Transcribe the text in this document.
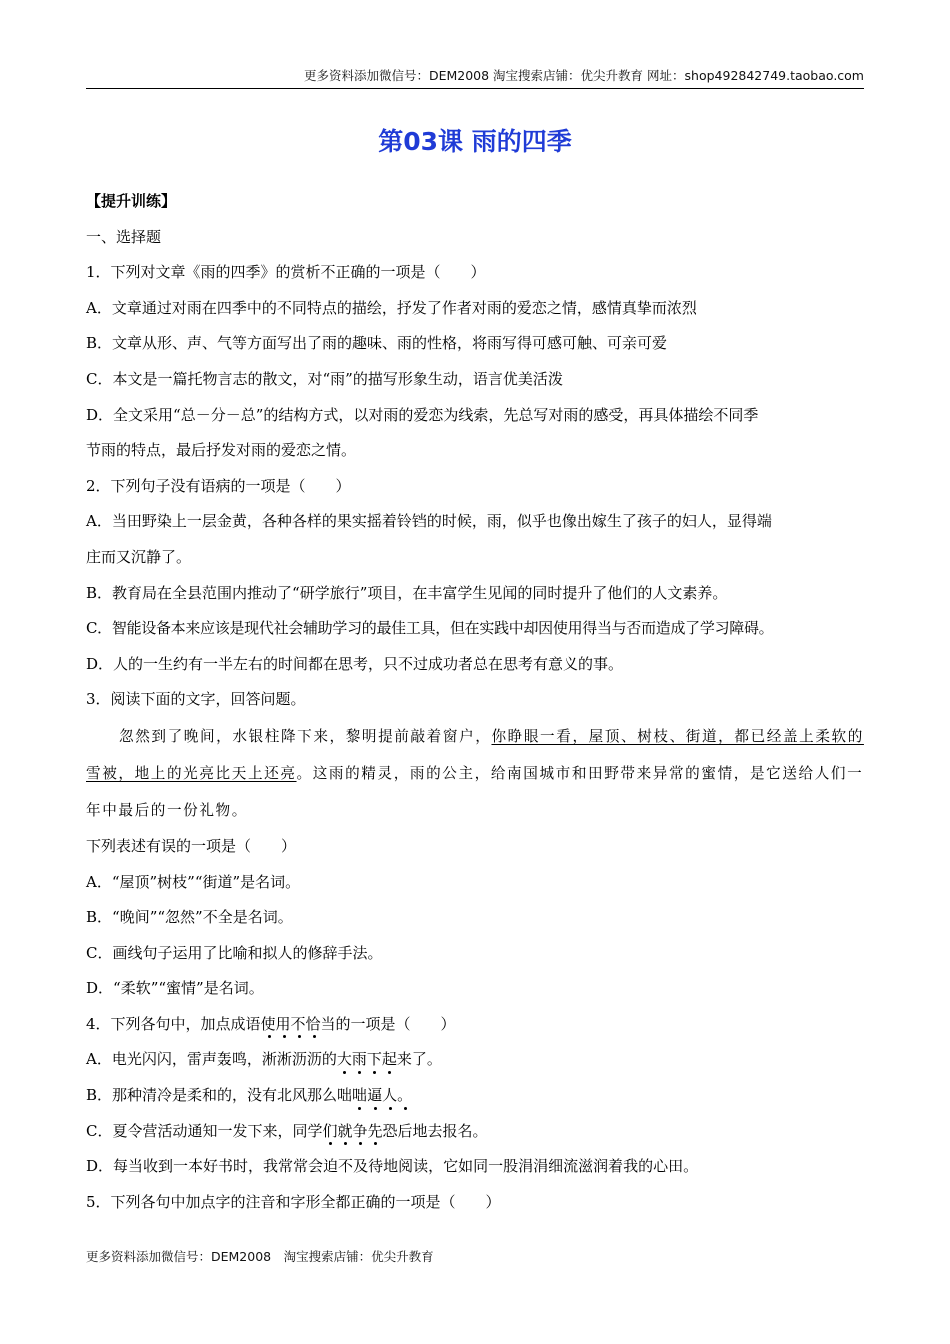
更多资料添加微信号：DEM2008 淘宝搜索店铺：优尖升教育 网址：shop492842749.taobao.com
第03课 雨的四季
【提升训练】
一、选择题
1．下列对文章《雨的四季》的赏析不正确的一项是（　　）
A．文章通过对雨在四季中的不同特点的描绘，抒发了作者对雨的爱恋之情，感情真挚而浓烈
B．文章从形、声、气等方面写出了雨的趣味、雨的性格，将雨写得可感可触、可亲可爱
C．本文是一篇托物言志的散文，对“雨”的描写形象生动，语言优美活泼
D．全文采用“总－分－总”的结构方式，以对雨的爱恋为线索，先总写对雨的感受，再具体描绘不同季
节雨的特点，最后抒发对雨的爱恋之情。
2．下列句子没有语病的一项是（　　）
A．当田野染上一层金黄，各种各样的果实摇着铃铛的时候，雨，似乎也像出嫁生了孩子的妇人，显得端
庄而又沉静了。
B．教育局在全县范围内推动了“研学旅行”项目，在丰富学生见闻的同时提升了他们的人文素养。
C．智能设备本来应该是现代社会辅助学习的最佳工具，但在实践中却因使用得当与否而造成了学习障碍。
D．人的一生约有一半左右的时间都在思考，只不过成功者总在思考有意义的事。
3．阅读下面的文字，回答问题。
忽然到了晚间，水银柱降下来，黎明提前敲着窗户，你睁眼一看，屋顶、树枝、街道，都已经盖上柔软的雪被，地上的光亮比天上还亮。这雨的精灵，雨的公主，给南国城市和田野带来异常的蜜情，是它送给人们一年中最后的一份礼物。
下列表述有误的一项是（　　）
A．“屋顶”树枝”“街道”是名词。
B．“晚间”“忽然”不全是名词。
C．画线句子运用了比喻和拟人的修辞手法。
D．“柔软”“蜜情”是名词。
4．下列各句中，加点成语使用不恰当的一项是（　　）
A．电光闪闪，雷声轰鸣，淅淅沥沥的大雨下起来了。
B．那种清冷是柔和的，没有北风那么咄咄逼人。
C．夏令营活动通知一发下来，同学们就争先恐后地去报名。
D．每当收到一本好书时，我常常会迫不及待地阅读，它如同一股涓涓细流滋润着我的心田。
5．下列各句中加点字的注音和字形全都正确的一项是（　　）
更多资料添加微信号：DEM2008　淘宝搜索店铺：优尖升教育
